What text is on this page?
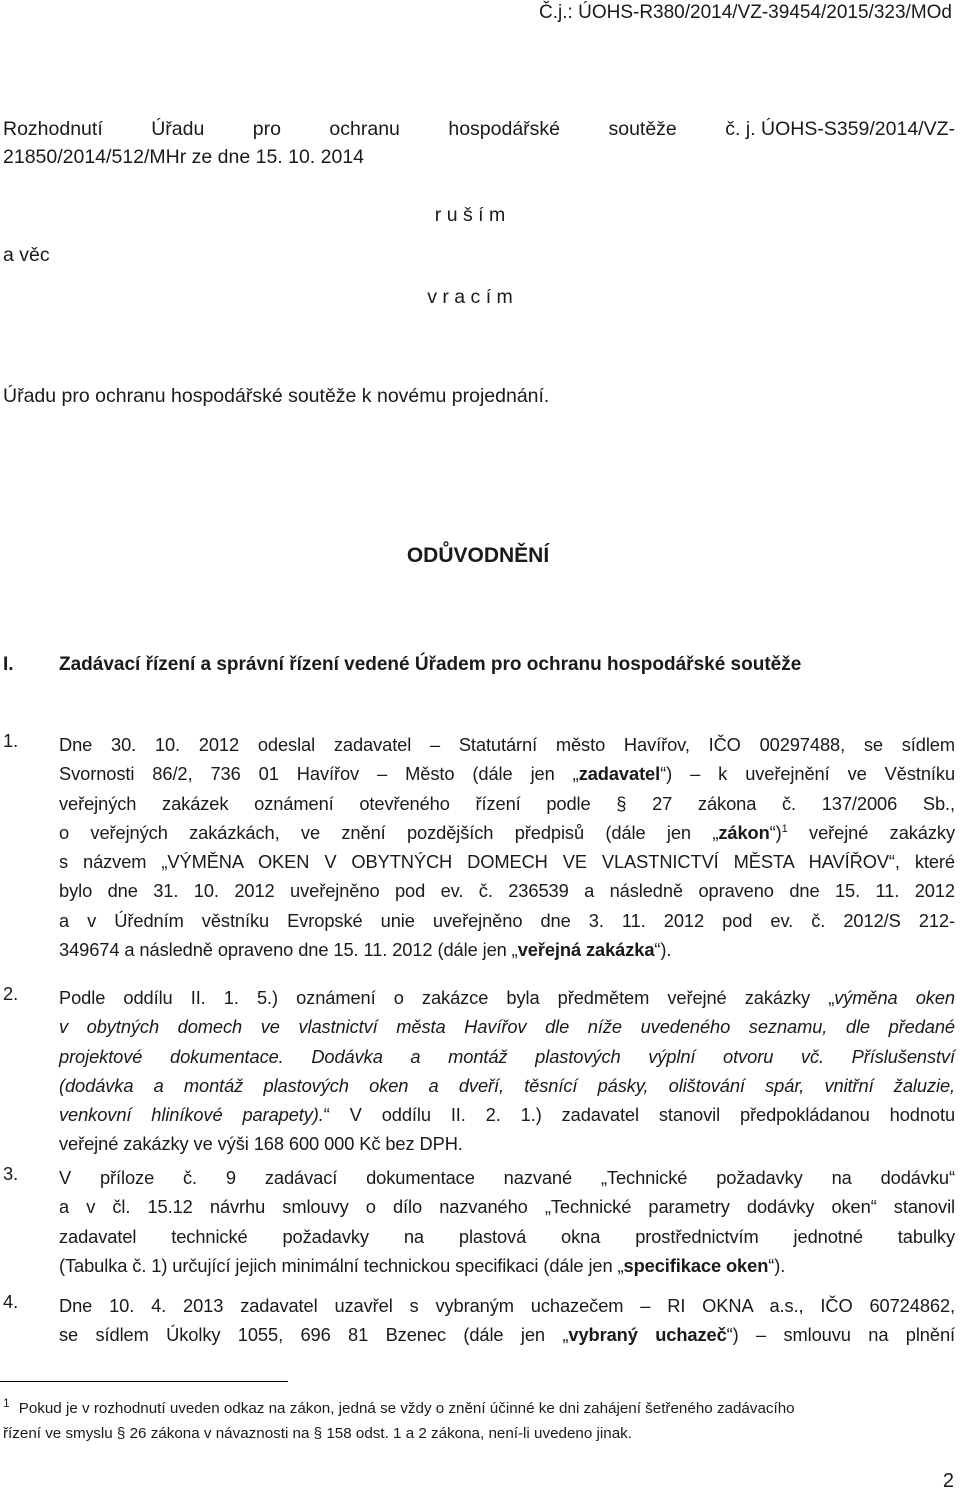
Č.j.: ÚOHS-R380/2014/VZ-39454/2015/323/MOd
Rozhodnutí Úřadu pro ochranu hospodářské soutěže č. j. ÚOHS-S359/2014/VZ-
21850/2014/512/MHr ze dne 15. 10. 2014
r u š í m
a věc
v r a c í m
Úřadu pro ochranu hospodářské soutěže k novému projednání.
ODŮVODNĚNÍ
I. Zadávací řízení a správní řízení vedené Úřadem pro ochranu hospodářské soutěže
1. Dne 30. 10. 2012 odeslal zadavatel – Statutární město Havířov, IČO 00297488, se sídlem
Svornosti 86/2, 736 01 Havířov – Město (dále jen „zadavatel“) – k uveřejnění ve Věstníku
veřejných zakázek oznámení otevřeného řízení podle § 27 zákona č. 137/2006 Sb.,
o veřejných zakázkách, ve znění pozdějších předpisů (dále jen „zákon“)$^1$ veřejné zakázky
s názvem „VÝMĚNA OKEN V OBYTNÝCH DOMECH VE VLASTNICTVÍ MĚSTA HAVÍŘOV“, které
bylo dne 31. 10. 2012 uveřejněno pod ev. č. 236539 a následně opraveno dne 15. 11. 2012
a v Úředním věstníku Evropské unie uveřejněno dne 3. 11. 2012 pod ev. č. 2012/S 212-
349674 a následně opraveno dne 15. 11. 2012 (dále jen „veřejná zakázka“).
2. Podle oddílu II. 1. 5.) oznámení o zakázce byla předmětem veřejné zakázky „výměna oken
v obytných domech ve vlastnictví města Havířov dle níže uvedeného seznamu, dle předané
projektové dokumentace. Dodávka a montáž plastových výplní otvoru vč. Příslušenství
(dodávka a montáž plastových oken a dveří, těsnící pásky, olištování spár, vnitřní žaluzie,
venkovní hliníkové parapety).“ V oddílu II. 2. 1.) zadavatel stanovil předpokládanou hodnotu
veřejné zakázky ve výši 168 600 000 Kč bez DPH.
3. V příloze č. 9 zadávací dokumentace nazvané „Technické požadavky na dodávku“
a v čl. 15.12 návrhu smlouvy o dílo nazvaného „Technické parametry dodávky oken“ stanovil
zadavatel technické požadavky na plastová okna prostřednictvím jednotné tabulky
(Tabulka č. 1) určující jejich minimální technickou specifikaci (dále jen „specifikace oken“).
4. Dne 10. 4. 2013 zadavatel uzavřel s vybraným uchazečem – RI OKNA a.s., IČO 60724862,
se sídlem Úkolky 1055, 696 81 Bzenec (dále jen „vybraný uchazeč“) – smlouvu na plnění
$^1$ Pokud je v rozhodnutí uveden odkaz na zákon, jedná se vždy o znění účinné ke dni zahájení šetřeného zadávacího
řízení ve smyslu § 26 zákona v návaznosti na § 158 odst. 1 a 2 zákona, není-li uvedeno jinak.
2
